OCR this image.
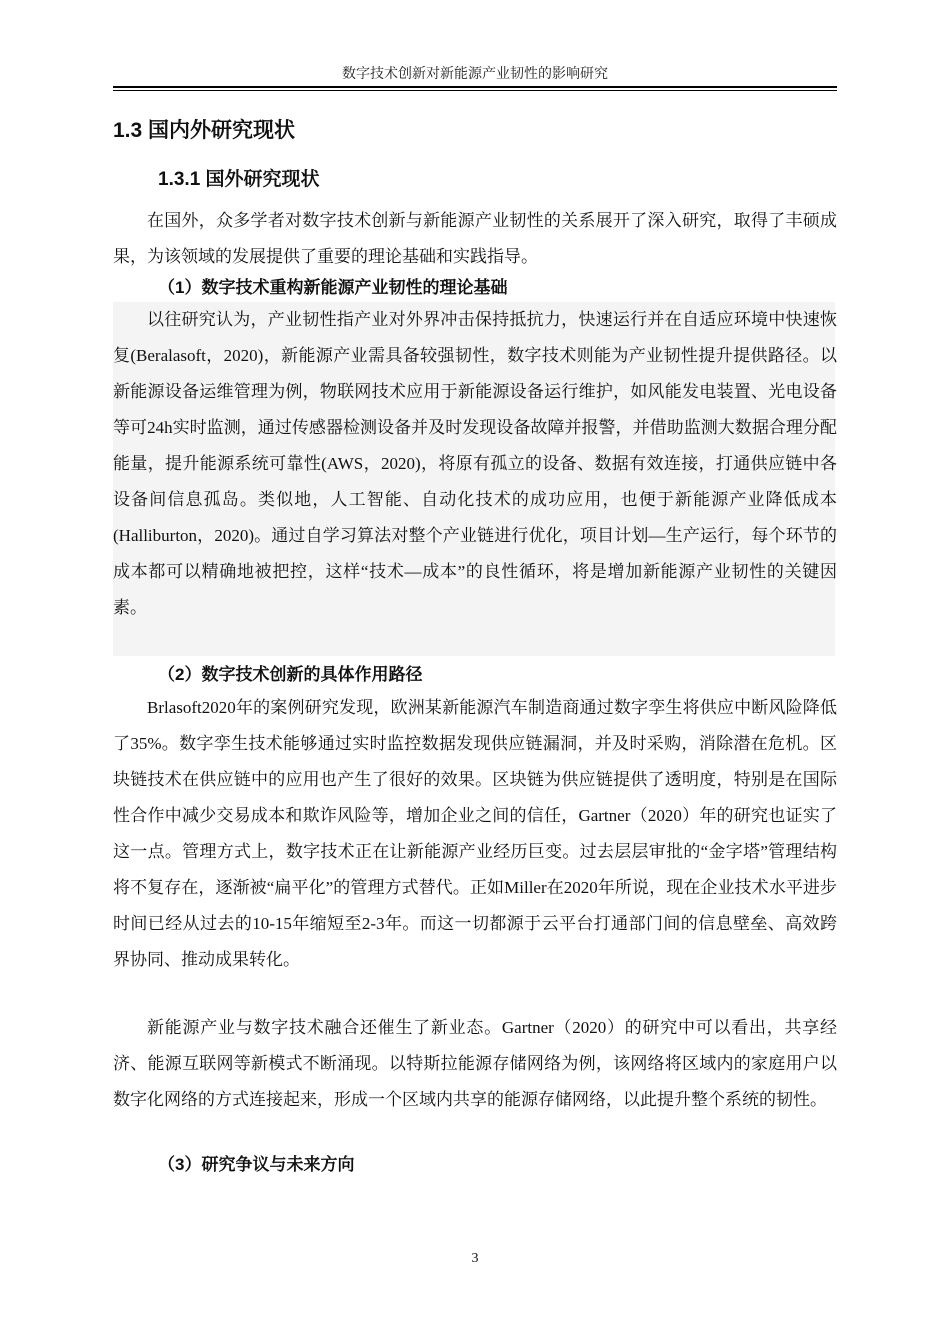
数字技术创新对新能源产业韧性的影响研究
1.3 国内外研究现状
1.3.1 国外研究现状

在国外，众多学者对数字技术创新与新能源产业韧性的关系展开了深入研究，取得了丰硕成果，为该领域的发展提供了重要的理论基础和实践指导。

（1）数字技术重构新能源产业韧性的理论基础

以往研究认为，产业韧性指产业对外界冲击保持抵抗力，快速运行并在自适应环境中快速恢复(Beralasoft，2020)，新能源产业需具备较强韧性，数字技术则能为产业韧性提升提供路径。以新能源设备运维管理为例，物联网技术应用于新能源设备运行维护，如风能发电装置、光电设备等可24h实时监测，通过传感器检测设备并及时发现设备故障并报警，并借助监测大数据合理分配能量，提升能源系统可靠性(AWS，2020)，将原有孤立的设备、数据有效连接，打通供应链中各设备间信息孤岛。类似地，人工智能、自动化技术的成功应用，也便于新能源产业降低成本(Halliburton，2020)。通过自学习算法对整个产业链进行优化，项目计划—生产运行，每个环节的成本都可以精确地被把控，这样“技术—成本”的良性循环，将是增加新能源产业韧性的关键因素。

（2）数字技术创新的具体作用路径

Brlasoft2020年的案例研究发现，欧洲某新能源汽车制造商通过数字孪生将供应中断风险降低了35%。数字孪生技术能够通过实时监控数据发现供应链漏洞，并及时采购，消除潜在危机。区块链技术在供应链中的应用也产生了很好的效果。区块链为供应链提供了透明度，特别是在国际性合作中减少交易成本和欺诈风险等，增加企业之间的信任，Gartner（2020）年的研究也证实了这一点。管理方式上，数字技术正在让新能源产业经历巨变。过去层层审批的“金字塔”管理结构将不复存在，逐渐被“扁平化”的管理方式替代。正如Miller在2020年所说，现在企业技术水平进步时间已经从过去的10-15年缩短至2-3年。而这一切都源于云平台打通部门间的信息壁垒、高效跨界协同、推动成果转化。

新能源产业与数字技术融合还催生了新业态。Gartner（2020）的研究中可以看出，共享经济、能源互联网等新模式不断涌现。以特斯拉能源存储网络为例，该网络将区域内的家庭用户以数字化网络的方式连接起来，形成一个区域内共享的能源存储网络，以此提升整个系统的韧性。

（3）研究争议与未来方向
3
